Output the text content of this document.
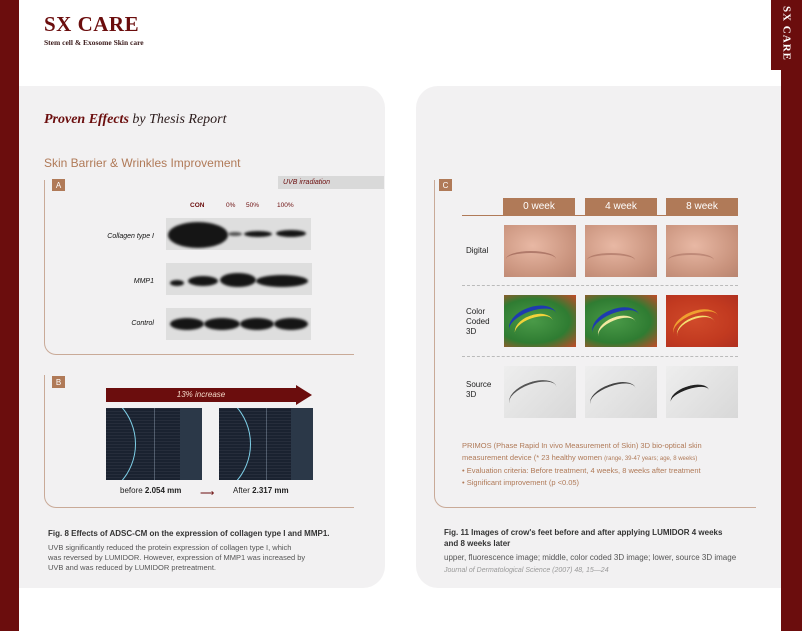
SX CARE
Stem cell & Exosome Skin care	SX CARE
Proven Effects by Thesis Report
Skin Barrier & Wrinkles Improvement
A	UVB irradiation
CON	0% 50%	100%
Collagen type I
MMP1
Control
B
13% increase
before 2.054 mm ⟶ After 2.317 mm
Fig. 8 Effects of ADSC-CM on the expression of collagen type I and MMP1.
UVB significantly reduced the protein expression of collagen type I, which
was reversed by LUMIDOR. However, expression of MMP1 was increased by
UVB and was reduced by LUMIDOR pretreatment.
C
0 week	4 week	8 week
Digital
Color
Coded
3D
Source
3D
PRIMOS (Phase Rapid In vivo Measurement of Skin) 3D bio-optical skin
measurement device (* 23 healthy women (range, 39-47 years; age, 8 weeks)
• Evaluation criteria: Before treatment, 4 weeks, 8 weeks after treatment
• Significant improvement (p <0.05)
Fig. 11 Images of crow's feet before and after applying LUMIDOR 4 weeks
and 8 weeks later
upper, fluorescence image; middle, color coded 3D image; lower, source 3D image
Journal of Dermatological Science (2007) 48, 15—24
